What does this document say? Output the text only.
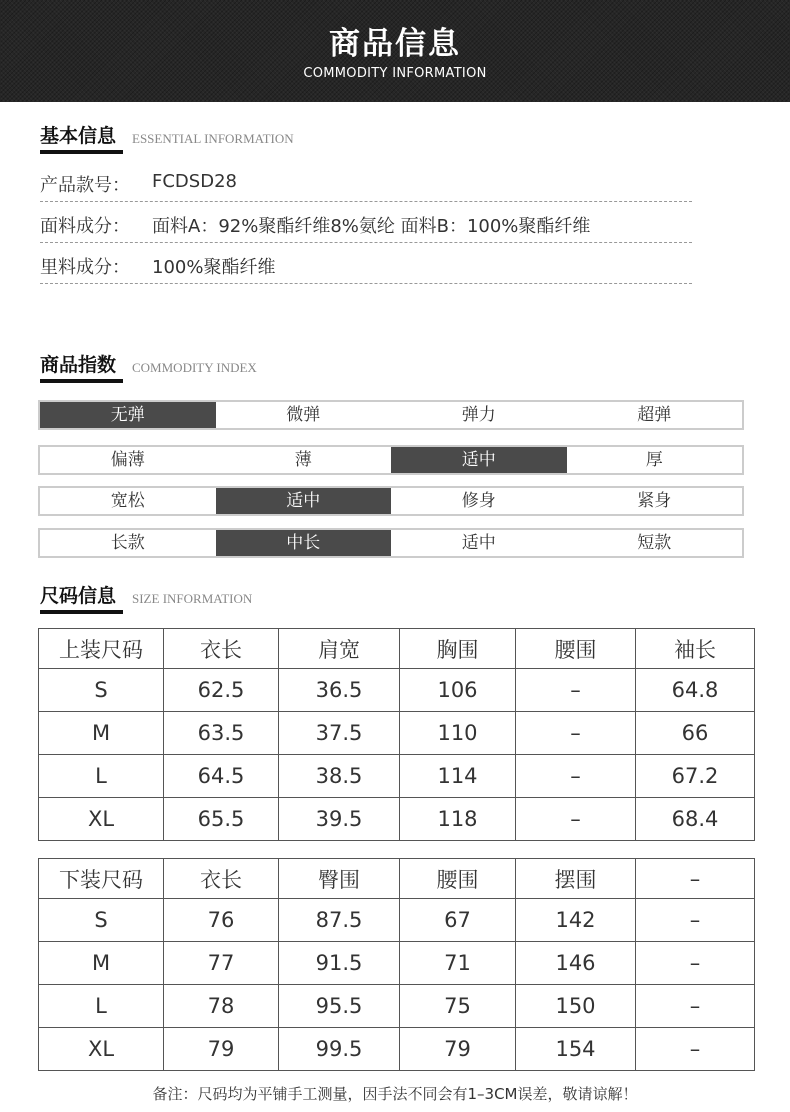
商品信息
COMMODITY INFORMATION
基本信息 ESSENTIAL INFORMATION
产品款号： FCDSD28
面料成分： 面料A：92%聚酯纤维8%氨纶 面料B：100%聚酯纤维
里料成分： 100%聚酯纤维
商品指数 COMMODITY INDEX
无弹	微弹	弹力	超弹
偏薄	薄	适中	厚
宽松	适中	修身	紧身
长款	中长	适中	短款
尺码信息 SIZE INFORMATION
上装尺码	衣长	肩宽	胸围	腰围	袖长
S	62.5	36.5	106	–	64.8
M	63.5	37.5	110	–	66
L	64.5	38.5	114	–	67.2
XL	65.5	39.5	118	–	68.4
下装尺码	衣长	臀围	腰围	摆围	–
S	76	87.5	67	142	–
M	77	91.5	71	146	–
L	78	95.5	75	150	–
XL	79	99.5	79	154	–
备注：尺码均为平铺手工测量，因手法不同会有1–3CM误差，敬请谅解！
